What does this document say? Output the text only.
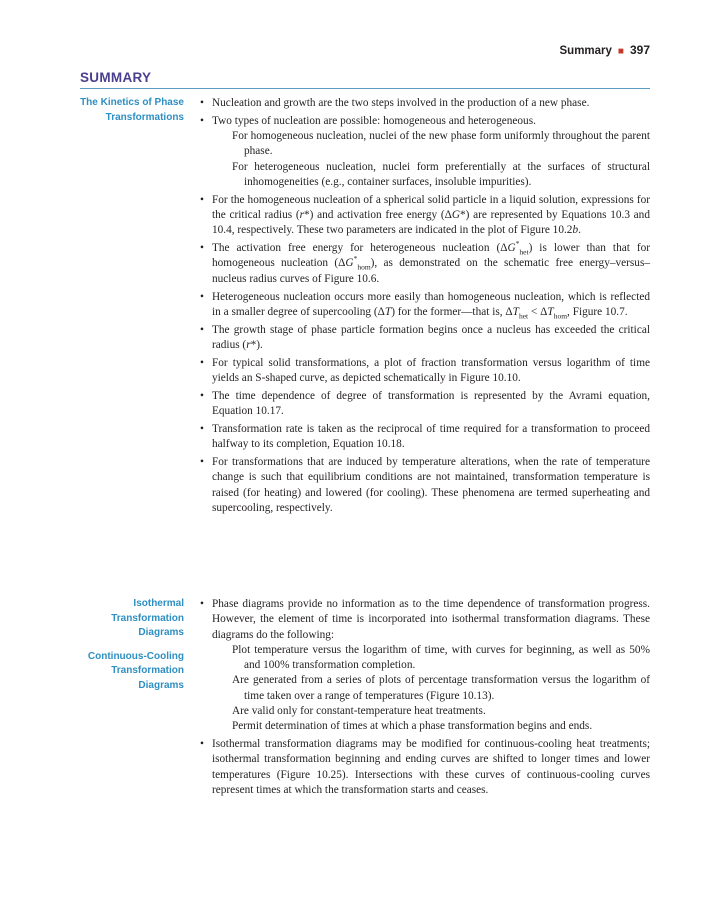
Summary ■ 397
SUMMARY
The Kinetics of Phase
Transformations
• Nucleation and growth are the two steps involved in the production of a new phase.
• Two types of nucleation are possible: homogeneous and heterogeneous.
For homogeneous nucleation, nuclei of the new phase form uniformly throughout the parent phase.
For heterogeneous nucleation, nuclei form preferentially at the surfaces of structural inhomogeneities (e.g., container surfaces, insoluble impurities).
• For the homogeneous nucleation of a spherical solid particle in a liquid solution, expressions for the critical radius (r*) and activation free energy (ΔG*) are represented by Equations 10.3 and 10.4, respectively. These two parameters are indicated in the plot of Figure 10.2b.
• The activation free energy for heterogeneous nucleation $(\Delta G^*_{het})$ is lower than that for homogeneous nucleation $(\Delta G^*_{hom})$, as demonstrated on the schematic free energy–versus–nucleus radius curves of Figure 10.6.
• Heterogeneous nucleation occurs more easily than homogeneous nucleation, which is reflected in a smaller degree of supercooling (ΔT) for the former—that is, $\Delta T_{het} < \Delta T_{hom}$, Figure 10.7.
• The growth stage of phase particle formation begins once a nucleus has exceeded the critical radius (r*).
• For typical solid transformations, a plot of fraction transformation versus logarithm of time yields an S-shaped curve, as depicted schematically in Figure 10.10.
• The time dependence of degree of transformation is represented by the Avrami equation, Equation 10.17.
• Transformation rate is taken as the reciprocal of time required for a transformation to proceed halfway to its completion, Equation 10.18.
• For transformations that are induced by temperature alterations, when the rate of temperature change is such that equilibrium conditions are not maintained, transformation temperature is raised (for heating) and lowered (for cooling). These phenomena are termed superheating and supercooling, respectively.
Isothermal
Transformation
Diagrams
Continuous-Cooling
Transformation
Diagrams
• Phase diagrams provide no information as to the time dependence of transformation progress. However, the element of time is incorporated into isothermal transformation diagrams. These diagrams do the following:
Plot temperature versus the logarithm of time, with curves for beginning, as well as 50% and 100% transformation completion.
Are generated from a series of plots of percentage transformation versus the logarithm of time taken over a range of temperatures (Figure 10.13).
Are valid only for constant-temperature heat treatments.
Permit determination of times at which a phase transformation begins and ends.
• Isothermal transformation diagrams may be modified for continuous-cooling heat treatments; isothermal transformation beginning and ending curves are shifted to longer times and lower temperatures (Figure 10.25). Intersections with these curves of continuous-cooling curves represent times at which the transformation starts and ceases.
